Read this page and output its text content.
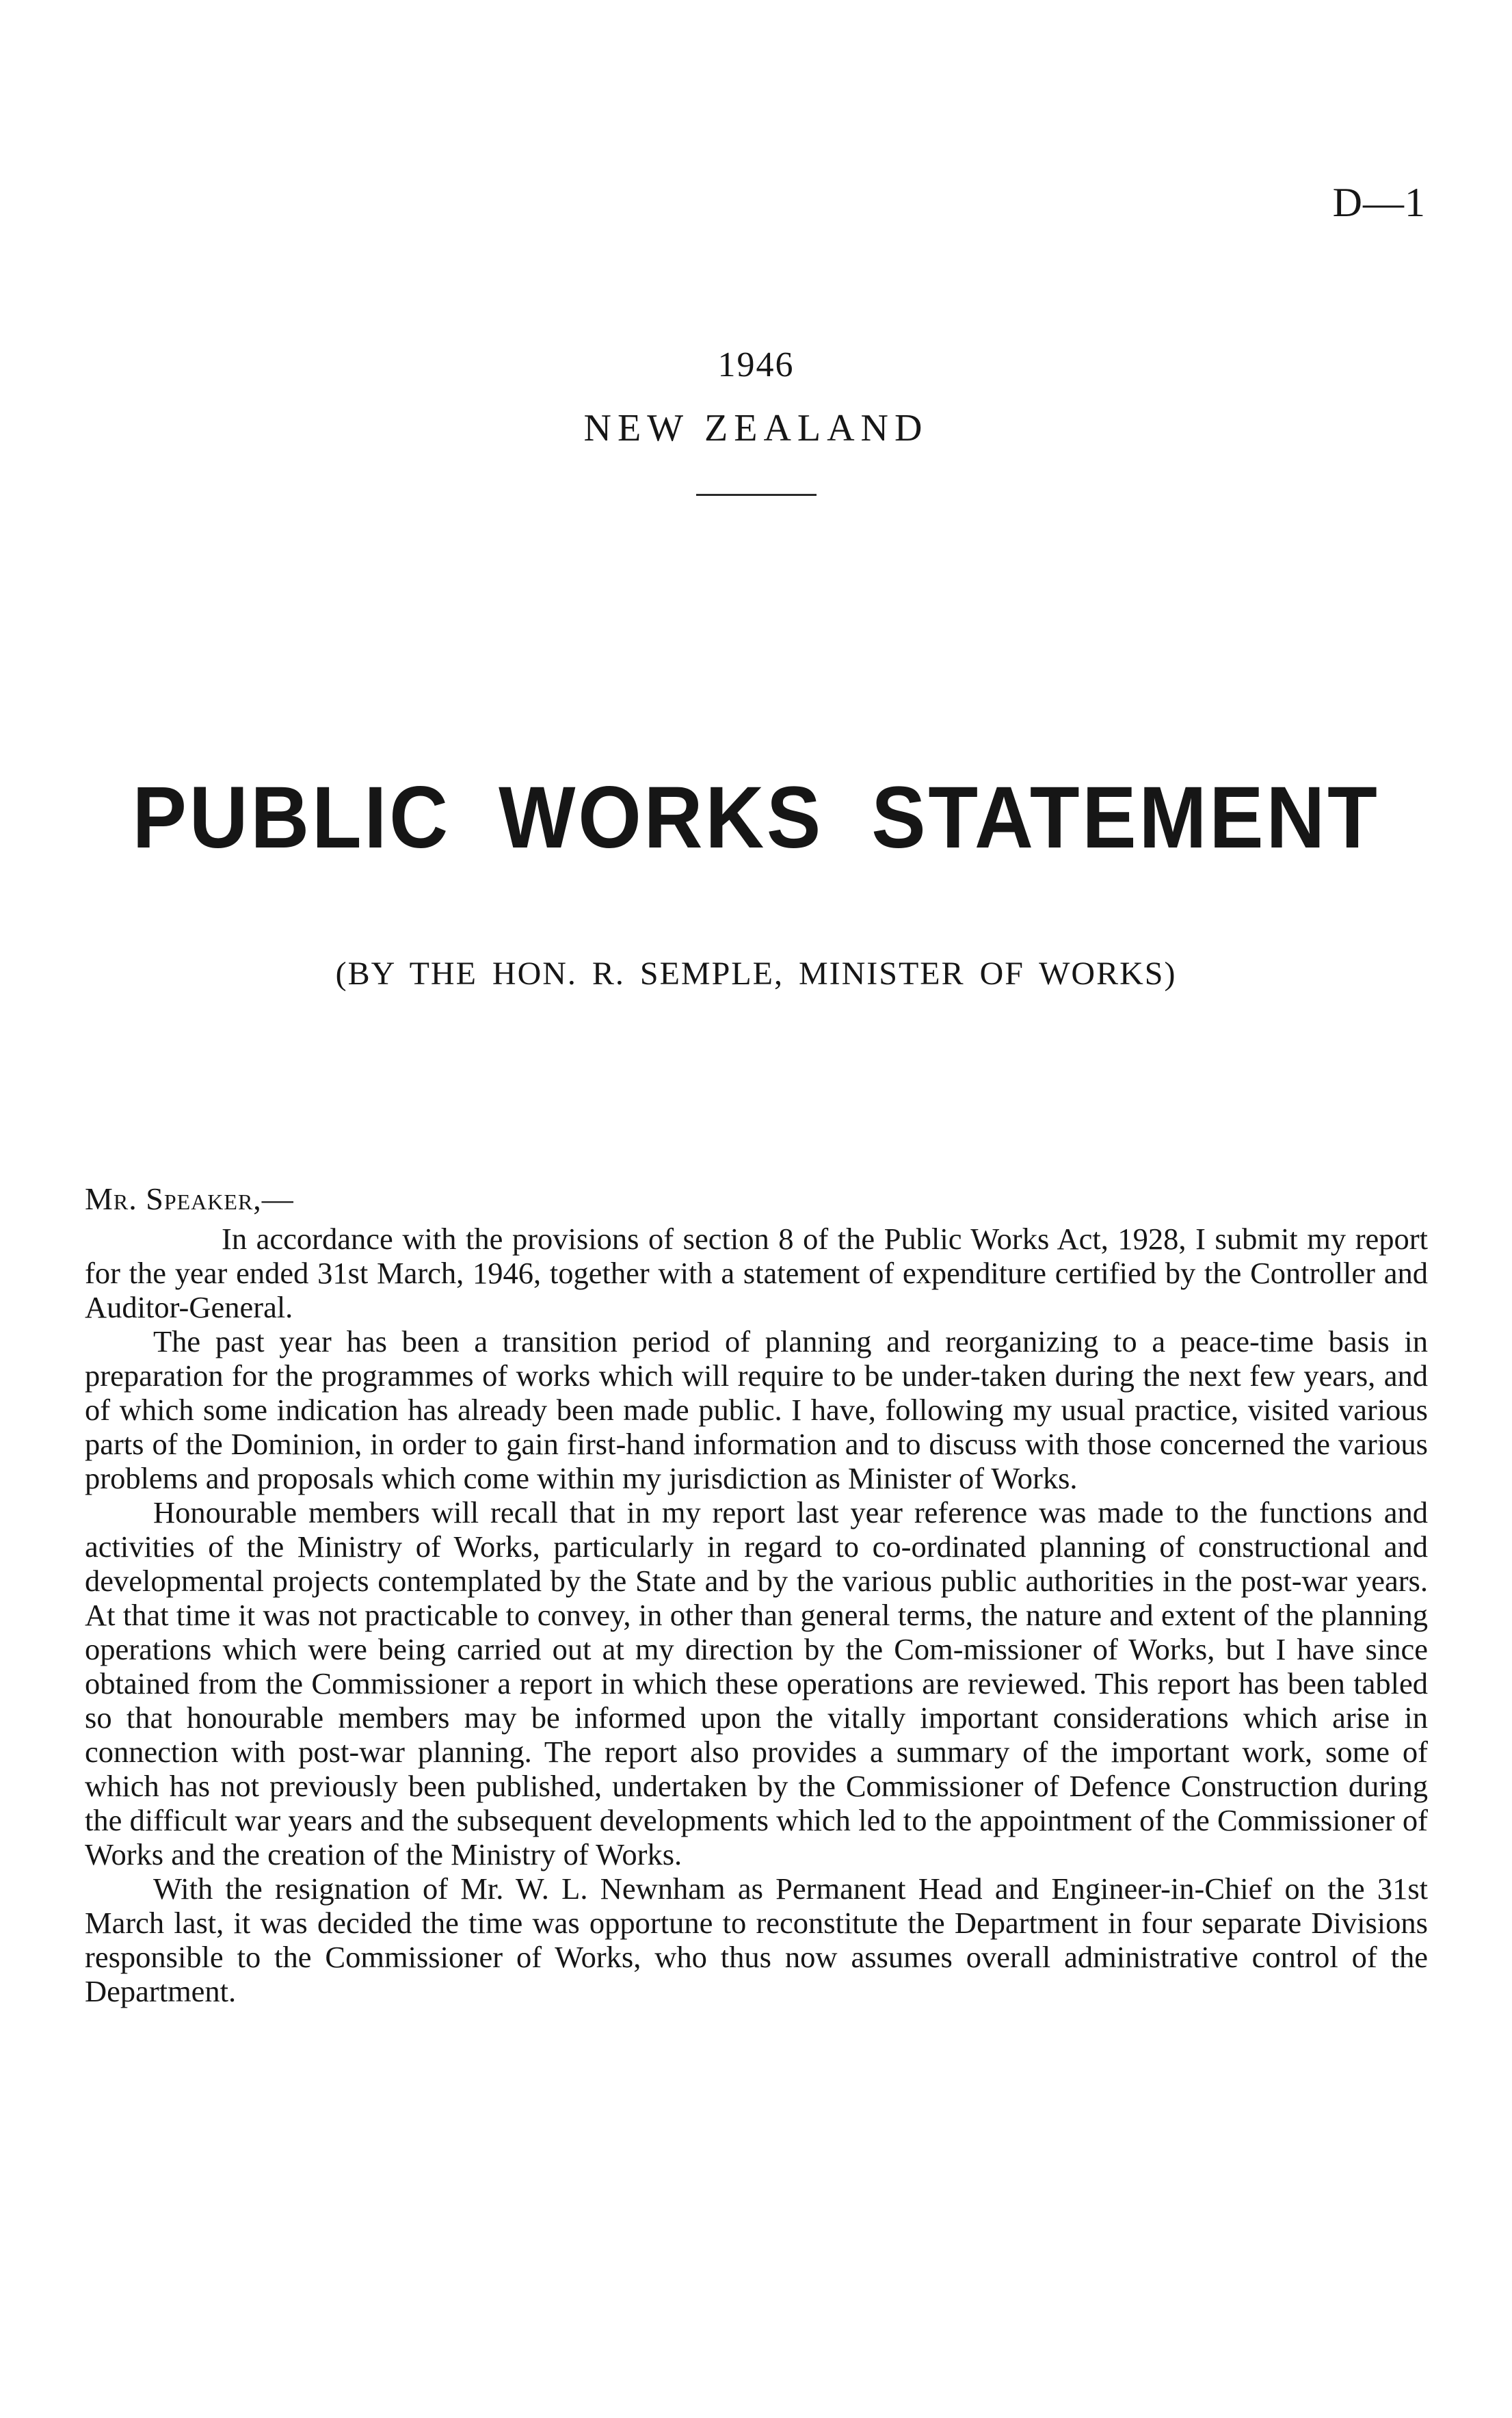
D—1
1946
NEW ZEALAND
PUBLIC WORKS STATEMENT
(BY THE HON. R. SEMPLE, MINISTER OF WORKS)
Mr. Speaker,—

In accordance with the provisions of section 8 of the Public Works Act, 1928, I submit my report for the year ended 31st March, 1946, together with a statement of expenditure certified by the Controller and Auditor-General.

The past year has been a transition period of planning and reorganizing to a peace-time basis in preparation for the programmes of works which will require to be under-taken during the next few years, and of which some indication has already been made public. I have, following my usual practice, visited various parts of the Dominion, in order to gain first-hand information and to discuss with those concerned the various problems and proposals which come within my jurisdiction as Minister of Works.

Honourable members will recall that in my report last year reference was made to the functions and activities of the Ministry of Works, particularly in regard to co-ordinated planning of constructional and developmental projects contemplated by the State and by the various public authorities in the post-war years. At that time it was not practicable to convey, in other than general terms, the nature and extent of the planning operations which were being carried out at my direction by the Com-missioner of Works, but I have since obtained from the Commissioner a report in which these operations are reviewed. This report has been tabled so that honourable members may be informed upon the vitally important considerations which arise in connection with post-war planning. The report also provides a summary of the important work, some of which has not previously been published, undertaken by the Commissioner of Defence Construction during the difficult war years and the subsequent developments which led to the appointment of the Commissioner of Works and the creation of the Ministry of Works.

With the resignation of Mr. W. L. Newnham as Permanent Head and Engineer-in-Chief on the 31st March last, it was decided the time was opportune to reconstitute the Department in four separate Divisions responsible to the Commissioner of Works, who thus now assumes overall administrative control of the Department.
